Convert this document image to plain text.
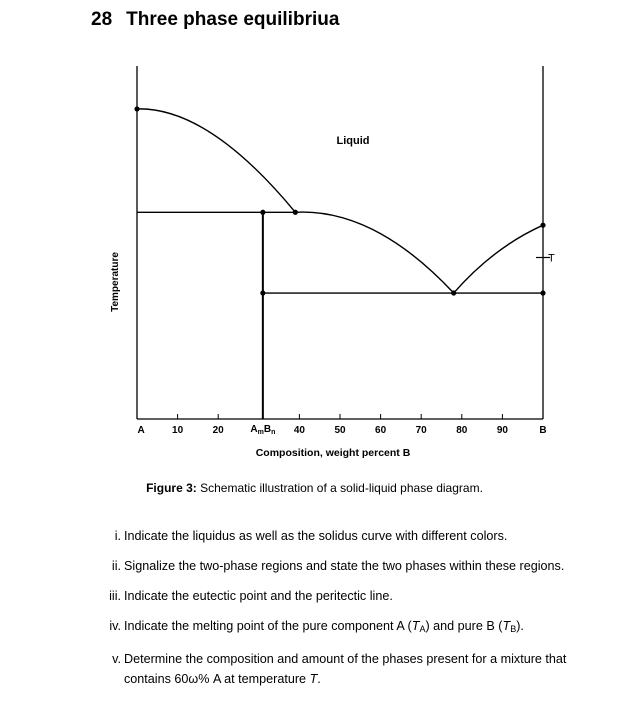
28 Three phase equilibriua
T
Liquid
Temperature
10	20	40	50	60	70	80	90
A	B
$A_mB_n$
Composition, weight percent B
Figure 3: Schematic illustration of a solid-liquid phase diagram.
i. Indicate the liquidus as well as the solidus curve with different colors.
ii. Signalize the two-phase regions and state the two phases within these regions.
iii. Indicate the eutectic point and the peritectic line.
iv. Indicate the melting point of the pure component A (TA) and pure B (TB).
v. Determine the composition and amount of the phases present for a mixture that contains 60ω% A at temperature T.
